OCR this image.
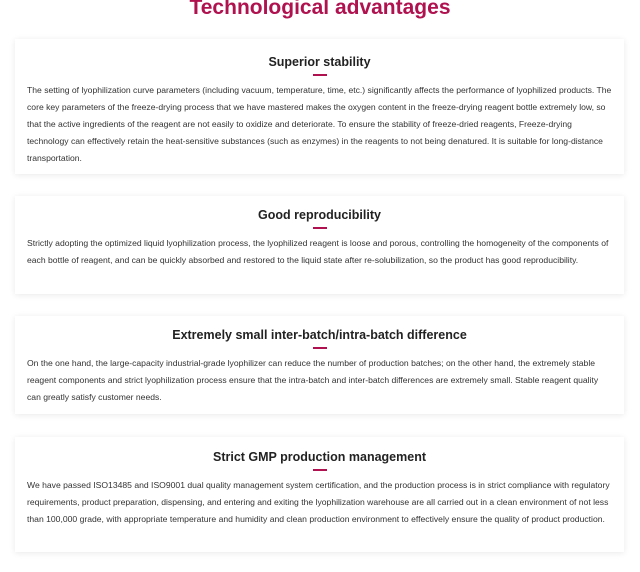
Technological advantages
Superior stability

The setting of lyophilization curve parameters (including vacuum, temperature, time, etc.) significantly affects the performance of lyophilized products. The core key parameters of the freeze-drying process that we have mastered makes the oxygen content in the freeze-drying reagent bottle extremely low, so that the active ingredients of the reagent are not easily to oxidize and deteriorate. To ensure the stability of freeze-dried reagents, Freeze-drying technology can effectively retain the heat-sensitive substances (such as enzymes) in the reagents to not being denatured. It is suitable for long-distance transportation.

Good reproducibility

Strictly adopting the optimized liquid lyophilization process, the lyophilized reagent is loose and porous, controlling the homogeneity of the components of each bottle of reagent, and can be quickly absorbed and restored to the liquid state after re-solubilization, so the product has good reproducibility.

Extremely small inter-batch/intra-batch difference

On the one hand, the large-capacity industrial-grade lyophilizer can reduce the number of production batches; on the other hand, the extremely stable reagent components and strict lyophilization process ensure that the intra-batch and inter-batch differences are extremely small. Stable reagent quality can greatly satisfy customer needs.

Strict GMP production management

We have passed ISO13485 and ISO9001 dual quality management system certification, and the production process is in strict compliance with regulatory requirements, product preparation, dispensing, and entering and exiting the lyophilization warehouse are all carried out in a clean environment of not less than 100,000 grade, with appropriate temperature and humidity and clean production environment to effectively ensure the quality of product production.
